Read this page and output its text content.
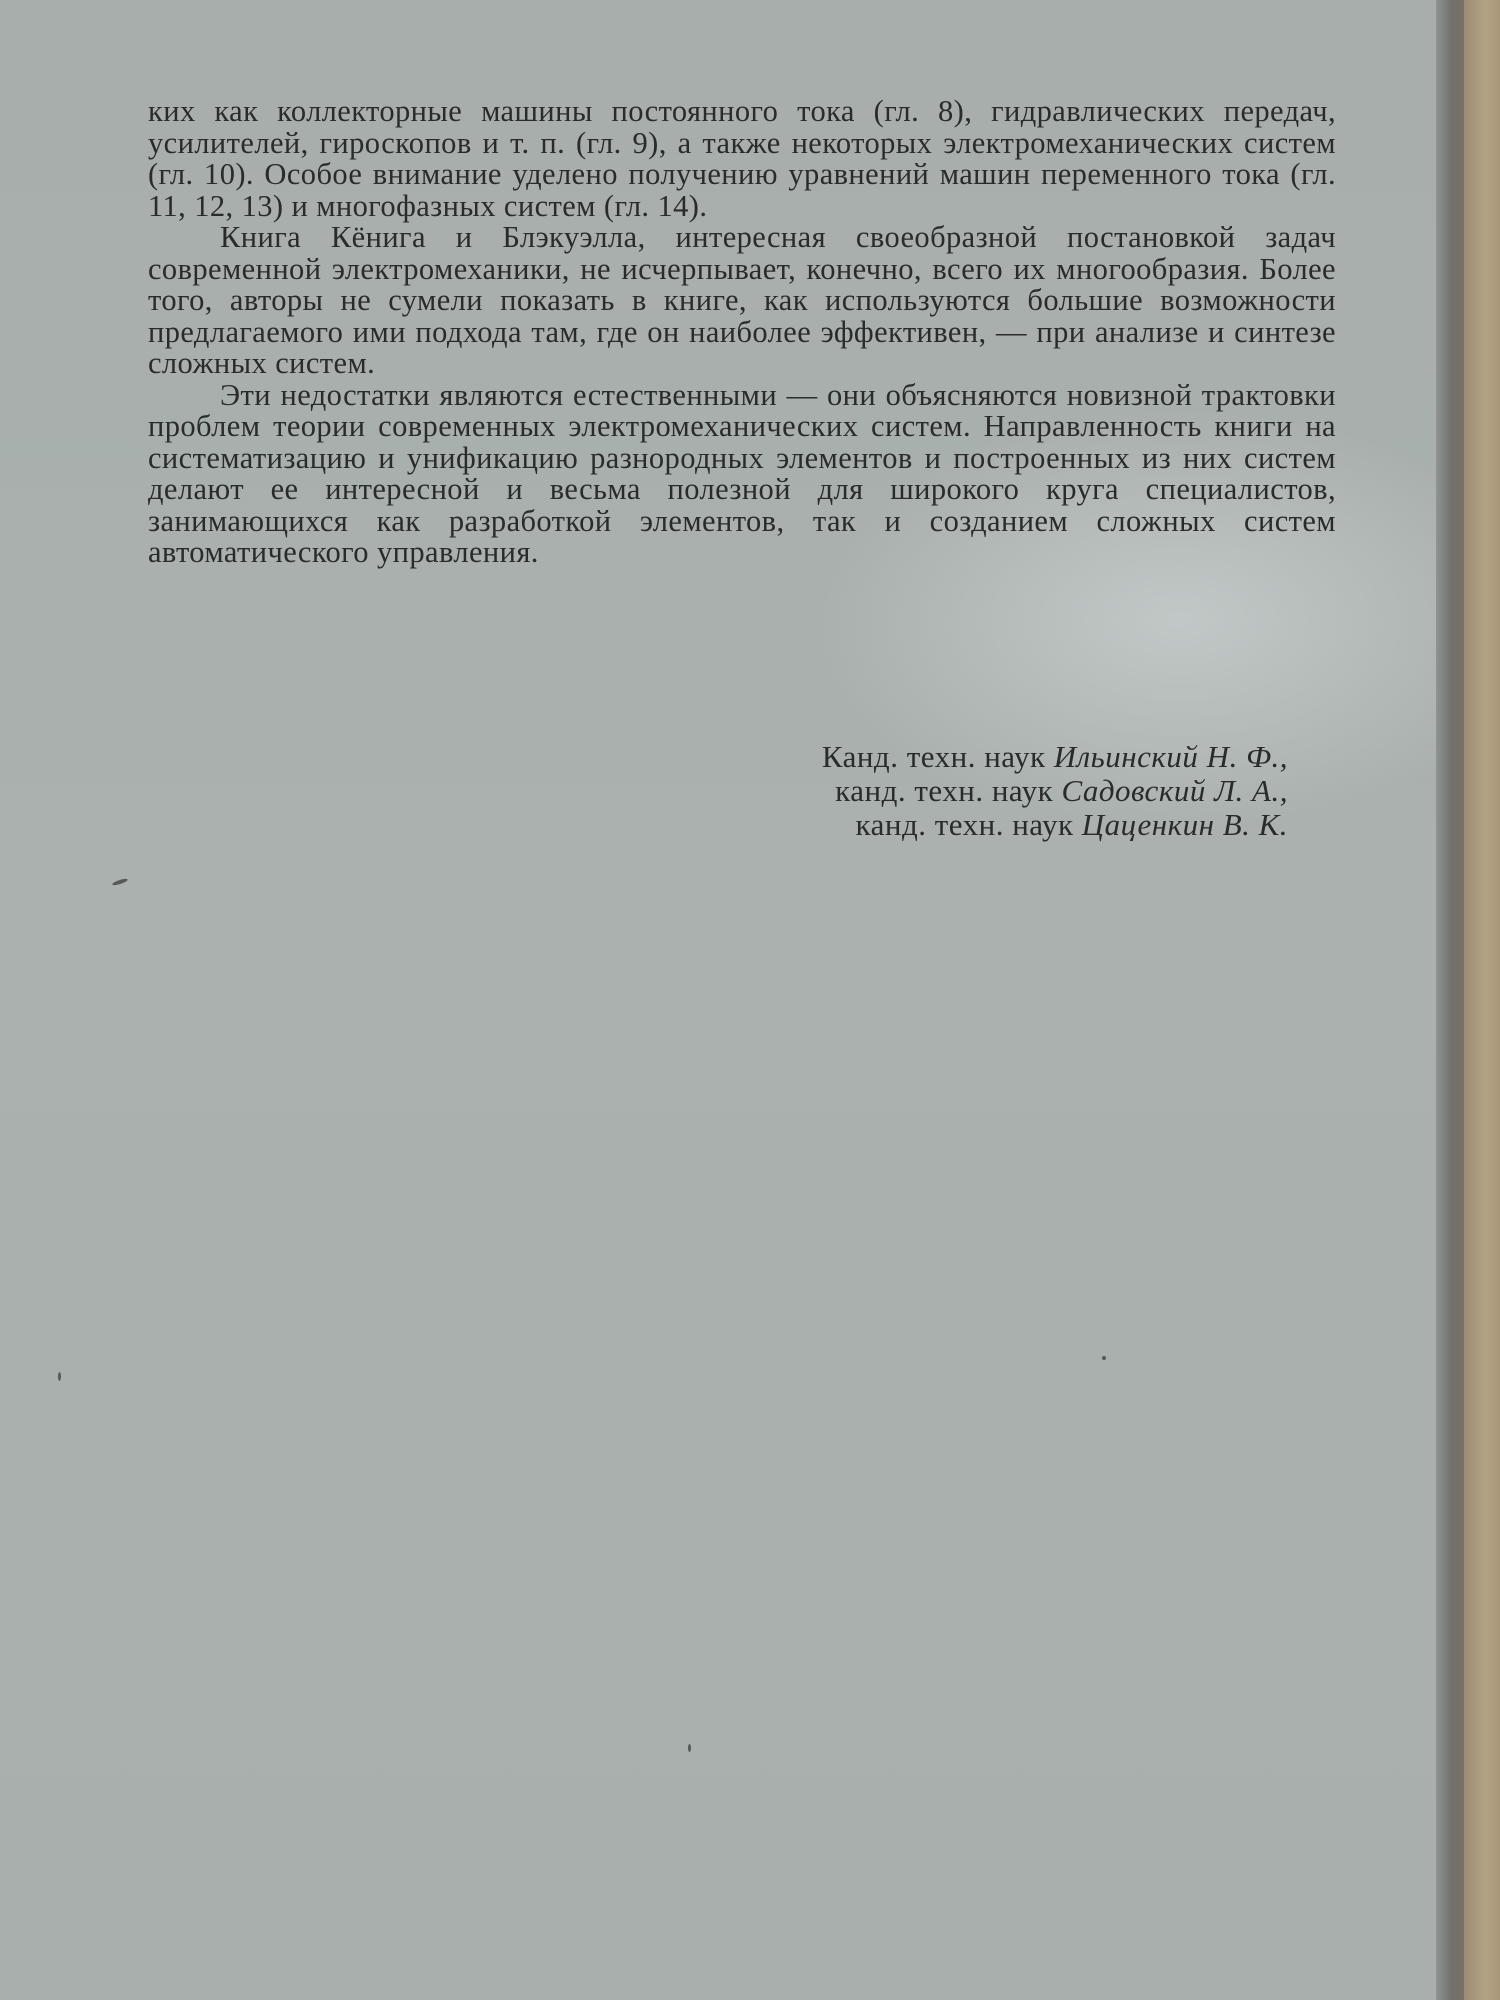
ких как коллекторные машины постоянного тока (гл. 8), гидравлических передач, усилителей, гироскопов и т. п. (гл. 9), а также некоторых электромеханических систем (гл. 10). Особое внимание уделено получению уравнений машин переменного тока (гл. 11, 12, 13) и многофазных систем (гл. 14).

Книга Кёнига и Блэкуэлла, интересная своеобразной постановкой задач современной электромеханики, не исчерпывает, конечно, всего их многообразия. Более того, авторы не сумели показать в книге, как используются большие возможности предлагаемого ими подхода там, где он наиболее эффективен, — при анализе и синтезе сложных систем.

Эти недостатки являются естественными — они объясняются новизной трактовки проблем теории современных электромеханических систем. Направленность книги на систематизацию и унификацию разнородных элементов и построенных из них систем делают ее интересной и весьма полезной для широкого круга специалистов, занимающихся как разработкой элементов, так и созданием сложных систем автоматического управления.

Канд. техн. наук Ильинский Н. Ф.,
канд. техн. наук Садовский Л. А.,
канд. техн. наук Цаценкин В. К.
